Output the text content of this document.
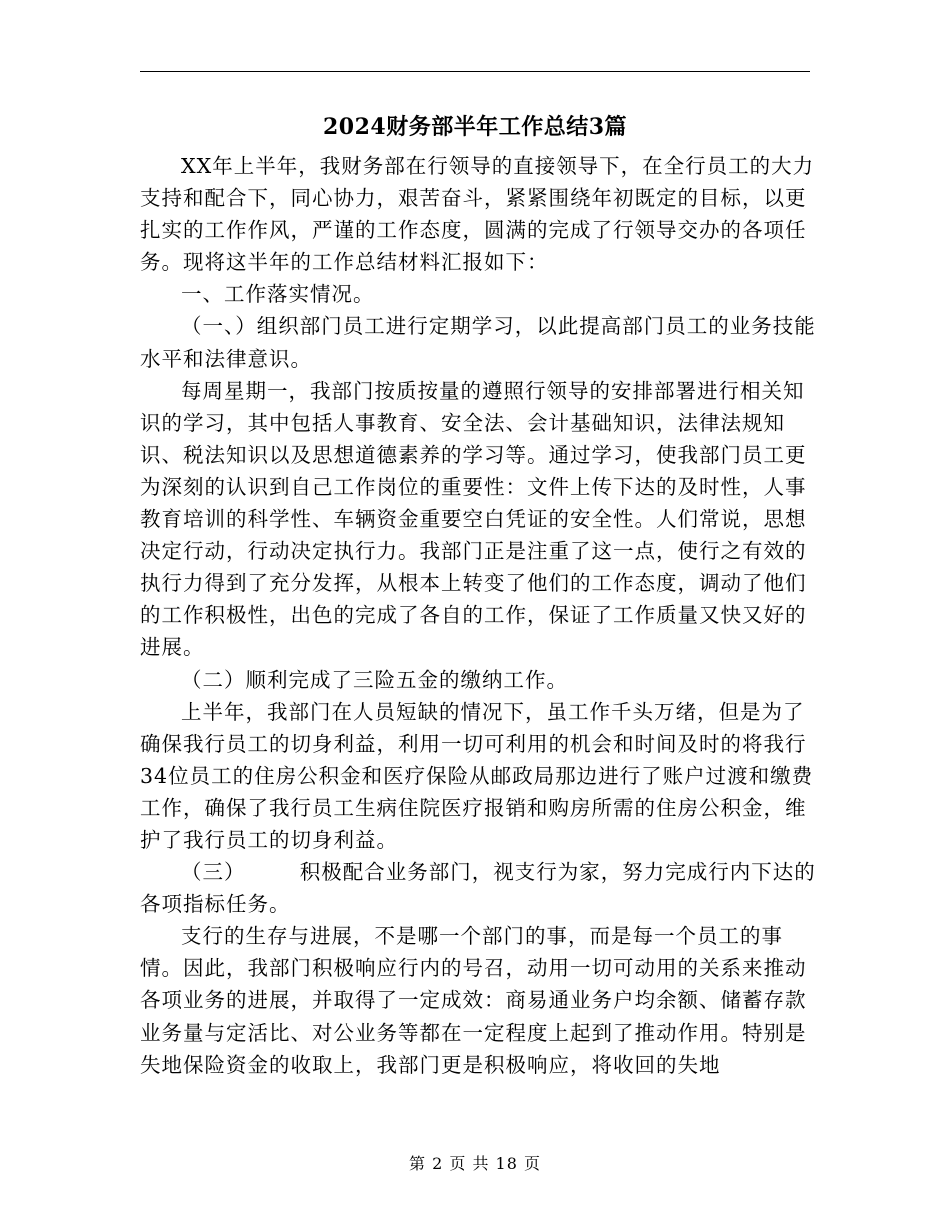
2024财务部半年工作总结3篇

XX年上半年，我财务部在行领导的直接领导下，在全行员工的大力支持和配合下，同心协力，艰苦奋斗，紧紧围绕年初既定的目标，以更扎实的工作作风，严谨的工作态度，圆满的完成了行领导交办的各项任务。现将这半年的工作总结材料汇报如下：

一、工作落实情况。

（一、）组织部门员工进行定期学习，以此提高部门员工的业务技能水平和法律意识。

每周星期一，我部门按质按量的遵照行领导的安排部署进行相关知识的学习，其中包括人事教育、安全法、会计基础知识，法律法规知识、税法知识以及思想道德素养的学习等。通过学习，使我部门员工更为深刻的认识到自己工作岗位的重要性：文件上传下达的及时性，人事教育培训的科学性、车辆资金重要空白凭证的安全性。人们常说，思想决定行动，行动决定执行力。我部门正是注重了这一点，使行之有效的执行力得到了充分发挥，从根本上转变了他们的工作态度，调动了他们的工作积极性，出色的完成了各自的工作，保证了工作质量又快又好的进展。

（二）顺利完成了三险五金的缴纳工作。

上半年，我部门在人员短缺的情况下，虽工作千头万绪，但是为了确保我行员工的切身利益，利用一切可利用的机会和时间及时的将我行34位员工的住房公积金和医疗保险从邮政局那边进行了账户过渡和缴费工作，确保了我行员工生病住院医疗报销和购房所需的住房公积金，维护了我行员工的切身利益。

（三）　　　积极配合业务部门，视支行为家，努力完成行内下达的各项指标任务。

支行的生存与进展，不是哪一个部门的事，而是每一个员工的事情。因此，我部门积极响应行内的号召，动用一切可动用的关系来推动各项业务的进展，并取得了一定成效：商易通业务户均余额、储蓄存款业务量与定活比、对公业务等都在一定程度上起到了推动作用。特别是失地保险资金的收取上，我部门更是积极响应，将收回的失地

第 2 页 共 18 页
